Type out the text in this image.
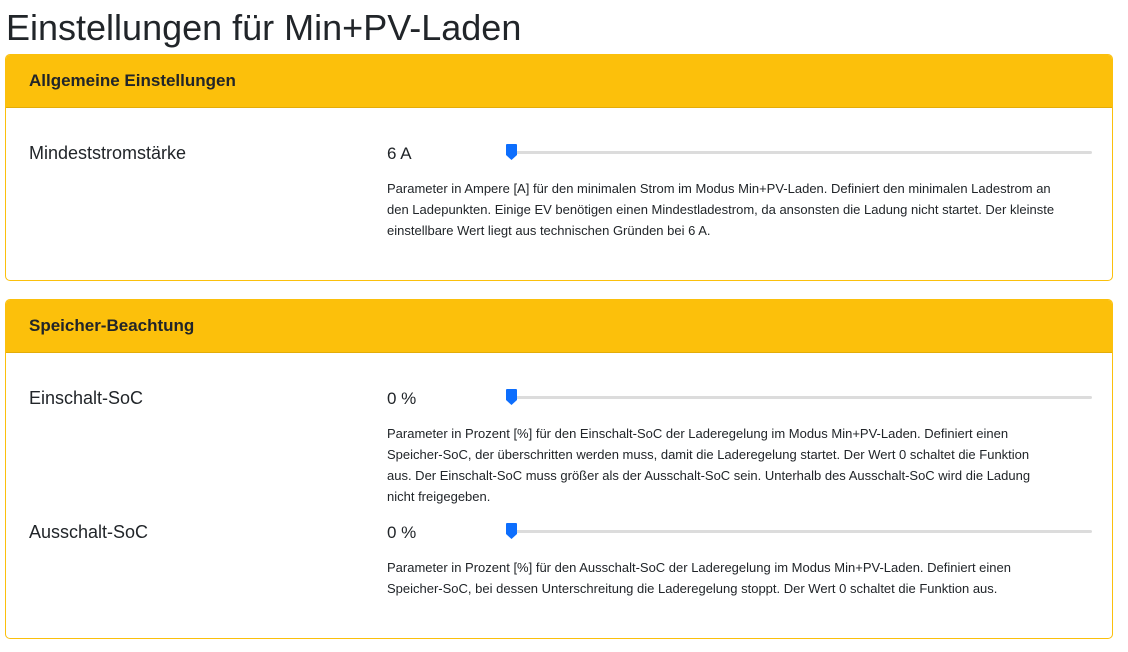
Einstellungen für Min+PV-Laden
Allgemeine Einstellungen
Mindeststromstärke	6 A
Parameter in Ampere [A] für den minimalen Strom im Modus Min+PV-Laden. Definiert den minimalen Ladestrom an den Ladepunkten. Einige EV benötigen einen Mindestladestrom, da ansonsten die Ladung nicht startet. Der kleinste einstellbare Wert liegt aus technischen Gründen bei 6 A.
Speicher-Beachtung
Einschalt-SoC	0 %
Parameter in Prozent [%] für den Einschalt-SoC der Laderegelung im Modus Min+PV-Laden. Definiert einen Speicher-SoC, der überschritten werden muss, damit die Laderegelung startet. Der Wert 0 schaltet die Funktion aus. Der Einschalt-SoC muss größer als der Ausschalt-SoC sein. Unterhalb des Ausschalt-SoC wird die Ladung nicht freigegeben.
Ausschalt-SoC	0 %
Parameter in Prozent [%] für den Ausschalt-SoC der Laderegelung im Modus Min+PV-Laden. Definiert einen Speicher-SoC, bei dessen Unterschreitung die Laderegelung stoppt. Der Wert 0 schaltet die Funktion aus.
